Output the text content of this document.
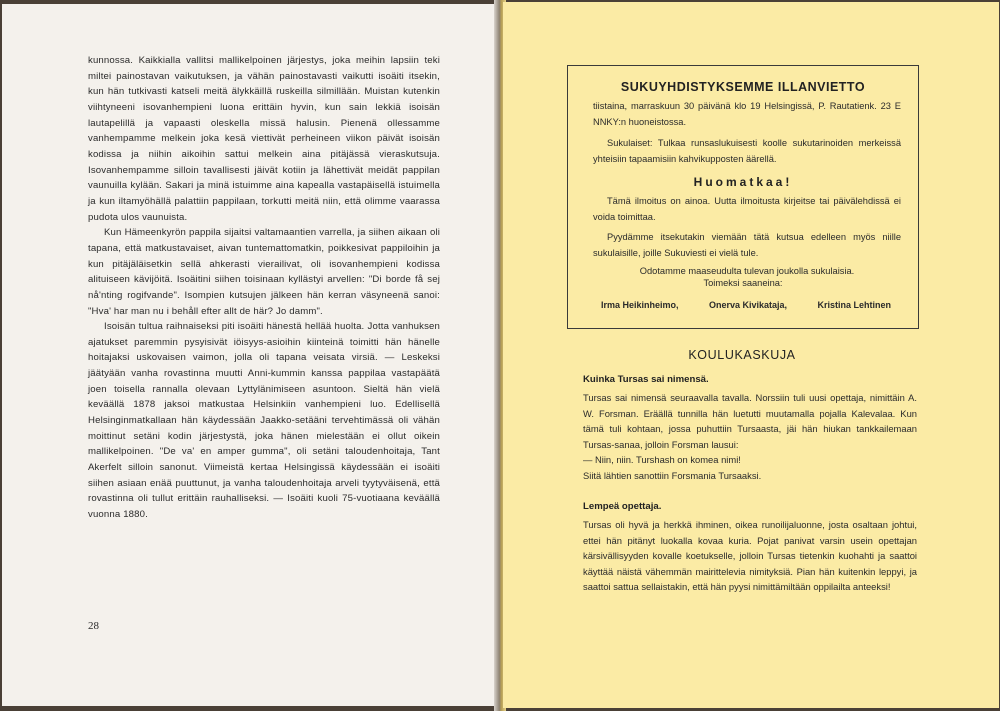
kunnossa. Kaikkialla vallitsi mallikelpoinen järjestys, joka meihin lapsiin teki miltei painostavan vaikutuksen, ja vähän painostavasti vaikutti isoäiti itsekin, kun hän tutkivasti katseli meitä älykkäillä ruskeilla silmillään. Muistan kutenkin viihtyneeni isovanhempieni luona erittäin hyvin, kun sain lekkiä isoisän lautapelillä ja vapaasti oleskella missä halusin. Pienenä ollessamme vanhempamme melkein joka kesä viettivät perheineen viikon päivät isoisän kodissa ja niihin aikoihin sattui melkein aina pitäjässä vieraskutsuja. Isovanhempamme silloin tavallisesti jäivät kotiin ja lähettivät meidät pappilan vaunuilla kylään. Sakari ja minä istuimme aina kapealla vastapäisellä istuimella ja kun iltamyöhällä palattiin pappilaan, torkutti meitä niin, että olimme vaarassa pudota ulos vaunuista.

Kun Hämeenkyrön pappila sijaitsi valtamaantien varrella, ja siihen aikaan oli tapana, että matkustavaiset, aivan tuntemattomatkin, poikkesivat pappiloihin ja kun pitäjäläisetkin sellä ahkerasti vierailivat, oli isovanhempieni kodissa alituiseen kävijöitä. Isoäitini siihen toisinaan kyllästyi arvellen: "Di borde få sej nå'nting rogifvande". Isompien kutsujen jälkeen hän kerran väsyneenä sanoi: "Hva' har man nu i behåll efter allt de här? Jo damm".

Isoisän tultua raihnaiseksi piti isoäiti hänestä hellää huolta. Jotta vanhuksen ajatukset paremmin pysyisivät iöisyys-asioihin kiinteinä toimitti hän hänelle hoitajaksi uskovaisen vaimon, jolla oli tapana veisata virsiä. — Leskeksi jäätyään vanha rovastinna muutti Anni-kummin kanssa pappilaa vastapäätä joen toisella rannalla olevaan Lyttylänimiseen asuntoon. Sieltä hän vielä keväällä 1878 jaksoi matkustaa Helsinkiin vanhempieni luo. Edellisellä Helsinginmatkallaan hän käydessään Jaakko-setääni tervehtimässä oli vähän moittinut setäni kodin järjestystä, joka hänen mielestään ei ollut oikein mallikelpoinen. "De va' en amper gumma", oli setäni taloudenhoitaja, Tant Akerfelt silloin sanonut. Viimeistä kertaa Helsingissä käydessään ei isoäiti siihen asiaan enää puuttunut, ja vanha taloudenhoitaja arveli tyytyväisenä, että rovastinna oli tullut erittäin rauhalliseksi. — Isoäiti kuoli 75-vuotiaana keväällä vuonna 1880.

28
SUKUYHDISTYKSEMME ILLANVIETTO

tiistaina, marraskuun 30 päivänä klo 19 Helsingissä, P. Rautatienk. 23 E NNKY:n huoneistossa.

Sukulaiset: Tulkaa runsaslukuisesti koolle sukutarinoiden merkeissä yhteisiin tapaamisiin kahvikupposten äärellä.

Huomatkaa!

Tämä ilmoitus on ainoa. Uutta ilmoitusta kirjeitse tai päivälehdissä ei voida toimittaa.

Pyydämme itsekutakin viemään tätä kutsua edelleen myös niille sukulaisille, joille Sukuviesti ei vielä tule.

Odotamme maaseudulta tulevan joukolla sukulaisia.

Toimeksi saaneina:
Irma Heikinheimo,	Onerva Kivikataja,	Kristina Lehtinen
KOULUKASKUJA
Kuinka Tursas sai nimensä.

Tursas sai nimensä seuraavalla tavalla. Norssiin tuli uusi opettaja, nimittäin A. W. Forsman. Eräällä tunnilla hän luetutti muutamalla pojalla Kalevalaa. Kun tämä tuli kohtaan, jossa puhuttiin Tursaasta, jäi hän hiukan tankkailemaan Tursas-sanaa, jolloin Forsman lausui:

— Niin, niin. Turshash on komea nimi!

Siitä lähtien sanottiin Forsmania Tursaaksi.

Lempeä opettaja.

Tursas oli hyvä ja herkkä ihminen, oikea runoilijaluonne, josta osaltaan johtui, ettei hän pitänyt luokalla kovaa kuria. Pojat panivat varsin usein opettajan kärsivällisyyden kovalle koetukselle, jolloin Tursas tietenkin kuohahti ja saattoi käyttää näistä vähemmän mairittelevia nimityksiä. Pian hän kuitenkin leppyi, ja saattoi sattua sellaistakin, että hän pyysi nimittämiltään oppilailta anteeksi!
